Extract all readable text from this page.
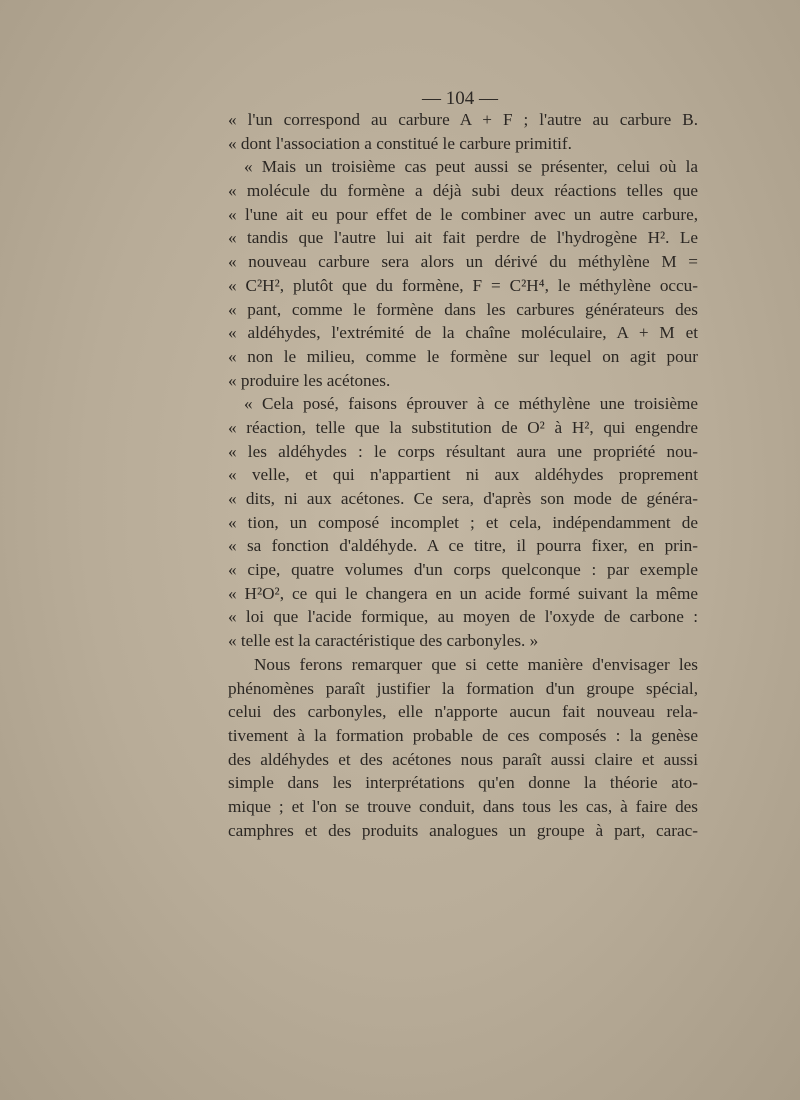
— 104 —
« l'un correspond au carbure A + F ; l'autre au carbure B.
« dont l'association a constitué le carbure primitif.
« Mais un troisième cas peut aussi se présenter, celui où la
« molécule du formène a déjà subi deux réactions telles que
« l'une ait eu pour effet de le combiner avec un autre carbure,
« tandis que l'autre lui ait fait perdre de l'hydrogène H². Le
« nouveau carbure sera alors un dérivé du méthylène M =
« C²H², plutôt que du formène, F = C²H⁴, le méthylène occu-
« pant, comme le formène dans les carbures générateurs des
« aldéhydes, l'extrémité de la chaîne moléculaire, A + M et
« non le milieu, comme le formène sur lequel on agit pour
« produire les acétones.
« Cela posé, faisons éprouver à ce méthylène une troisième
« réaction, telle que la substitution de O² à H², qui engendre
« les aldéhydes : le corps résultant aura une propriété nou-
« velle, et qui n'appartient ni aux aldéhydes proprement
« dits, ni aux acétones. Ce sera, d'après son mode de généra-
« tion, un composé incomplet ; et cela, indépendamment de
« sa fonction d'aldéhyde. A ce titre, il pourra fixer, en prin-
« cipe, quatre volumes d'un corps quelconque : par exemple
« H²O², ce qui le changera en un acide formé suivant la même
« loi que l'acide formique, au moyen de l'oxyde de carbone :
« telle est la caractéristique des carbonyles. »
Nous ferons remarquer que si cette manière d'envisager les
phénomènes paraît justifier la formation d'un groupe spécial,
celui des carbonyles, elle n'apporte aucun fait nouveau rela-
tivement à la formation probable de ces composés : la genèse
des aldéhydes et des acétones nous paraît aussi claire et aussi
simple dans les interprétations qu'en donne la théorie ato-
mique ; et l'on se trouve conduit, dans tous les cas, à faire des
camphres et des produits analogues un groupe à part, carac-
